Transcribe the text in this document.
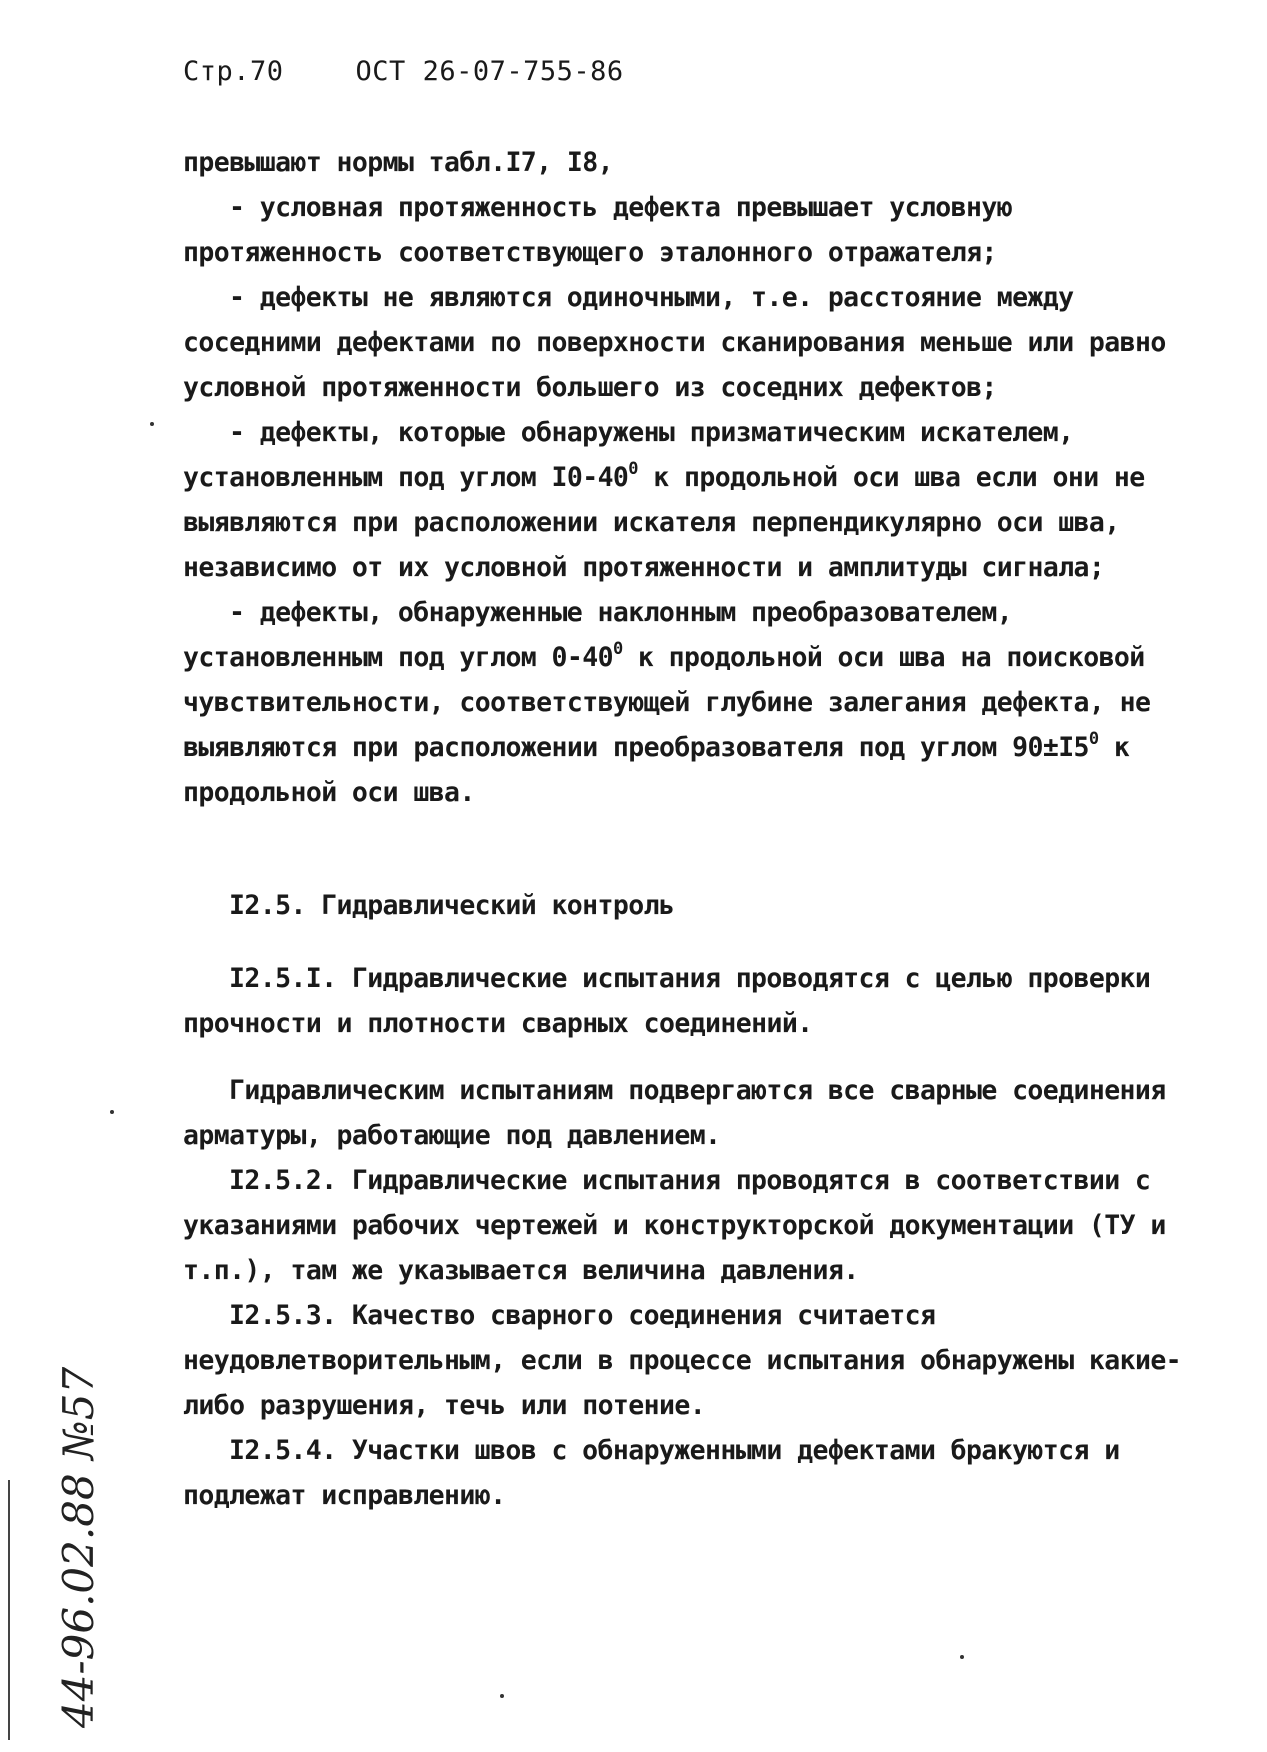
Стр.70	ОСТ 26-07-755-86

превышают нормы табл.I7, I8,

- условная протяженность дефекта превышает условную протяженность соответствующего эталонного отражателя;

- дефекты не являются одиночными, т.е. расстояние между соседними дефектами по поверхности сканирования меньше или равно условной протяженности большего из соседних дефектов;

- дефекты, которые обнаружены призматическим искателем, установленным под углом $I0-40^0$ к продольной оси шва если они не выявляются при расположении искателя перпендикулярно оси шва, независимо от их условной протяженности и амплитуды сигнала;

- дефекты, обнаруженные наклонным преобразователем, установленным под углом $0-40^0$ к продольной оси шва на поисковой чувствительности, соответствующей глубине залегания дефекта, не выявляются при расположении преобразователя под углом $90\pm I5^0$ к продольной оси шва.

I2.5. Гидравлический контроль

I2.5.I. Гидравлические испытания проводятся с целью проверки прочности и плотности сварных соединений.

Гидравлическим испытаниям подвергаются все сварные соединения арматуры, работающие под давлением.

I2.5.2. Гидравлические испытания проводятся в соответствии с указаниями рабочих чертежей и конструкторской документации (ТУ и т.п.), там же указывается величина давления.

I2.5.3. Качество сварного соединения считается неудовлетворительным, если в процессе испытания обнаружены какие-либо разрушения, течь или потение.

I2.5.4. Участки швов с обнаруженными дефектами бракуются и подлежат исправлению.

44-96.02.88 №57
